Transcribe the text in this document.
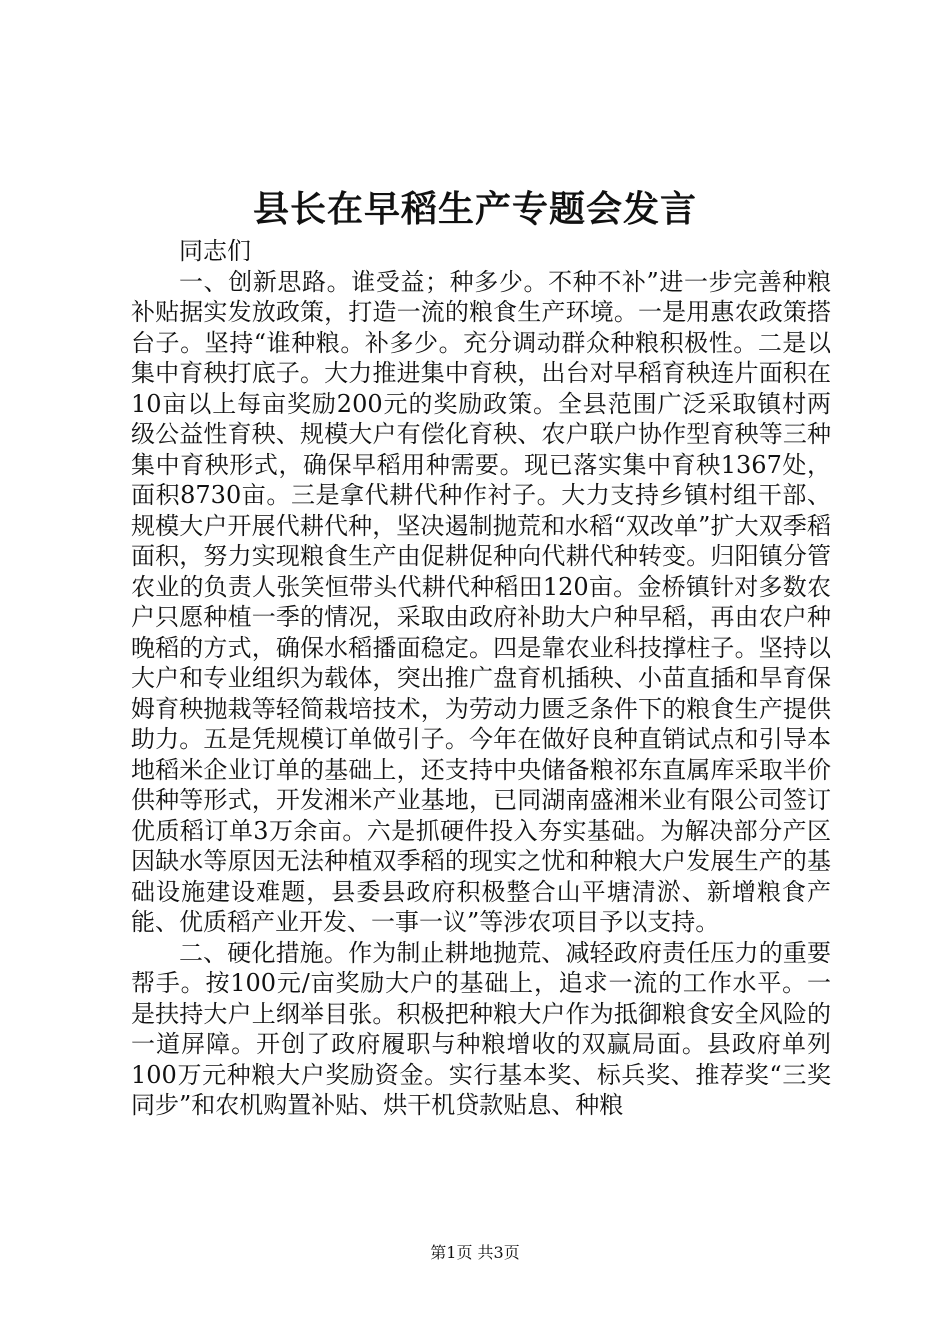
县长在早稻生产专题会发言

同志们

一、创新思路。谁受益；种多少。不种不补”进一步完善种粮补贴据实发放政策，打造一流的粮食生产环境。一是用惠农政策搭台子。坚持“谁种粮。补多少。充分调动群众种粮积极性。二是以集中育秧打底子。大力推进集中育秧，出台对早稻育秧连片面积在10亩以上每亩奖励200元的奖励政策。全县范围广泛采取镇村两级公益性育秧、规模大户有偿化育秧、农户联户协作型育秧等三种集中育秧形式，确保早稻用种需要。现已落实集中育秧1367处，面积8730亩。三是拿代耕代种作衬子。大力支持乡镇村组干部、规模大户开展代耕代种，坚决遏制抛荒和水稻“双改单”扩大双季稻面积，努力实现粮食生产由促耕促种向代耕代种转变。归阳镇分管农业的负责人张笑恒带头代耕代种稻田120亩。金桥镇针对多数农户只愿种植一季的情况，采取由政府补助大户种早稻，再由农户种晚稻的方式，确保水稻播面稳定。四是靠农业科技撑柱子。坚持以大户和专业组织为载体，突出推广盘育机插秧、小苗直插和旱育保姆育秧抛栽等轻简栽培技术，为劳动力匮乏条件下的粮食生产提供助力。五是凭规模订单做引子。今年在做好良种直销试点和引导本地稻米企业订单的基础上，还支持中央储备粮祁东直属库采取半价供种等形式，开发湘米产业基地，已同湖南盛湘米业有限公司签订优质稻订单3万余亩。六是抓硬件投入夯实基础。为解决部分产区因缺水等原因无法种植双季稻的现实之忧和种粮大户发展生产的基础设施建设难题，县委县政府积极整合山平塘清淤、新增粮食产能、优质稻产业开发、一事一议”等涉农项目予以支持。

二、硬化措施。作为制止耕地抛荒、减轻政府责任压力的重要帮手。按100元/亩奖励大户的基础上，追求一流的工作水平。一是扶持大户上纲举目张。积极把种粮大户作为抵御粮食安全风险的一道屏障。开创了政府履职与种粮增收的双赢局面。县政府单列100万元种粮大户奖励资金。实行基本奖、标兵奖、推荐奖“三奖同步”和农机购置补贴、烘干机贷款贴息、种粮

第1页 共3页
